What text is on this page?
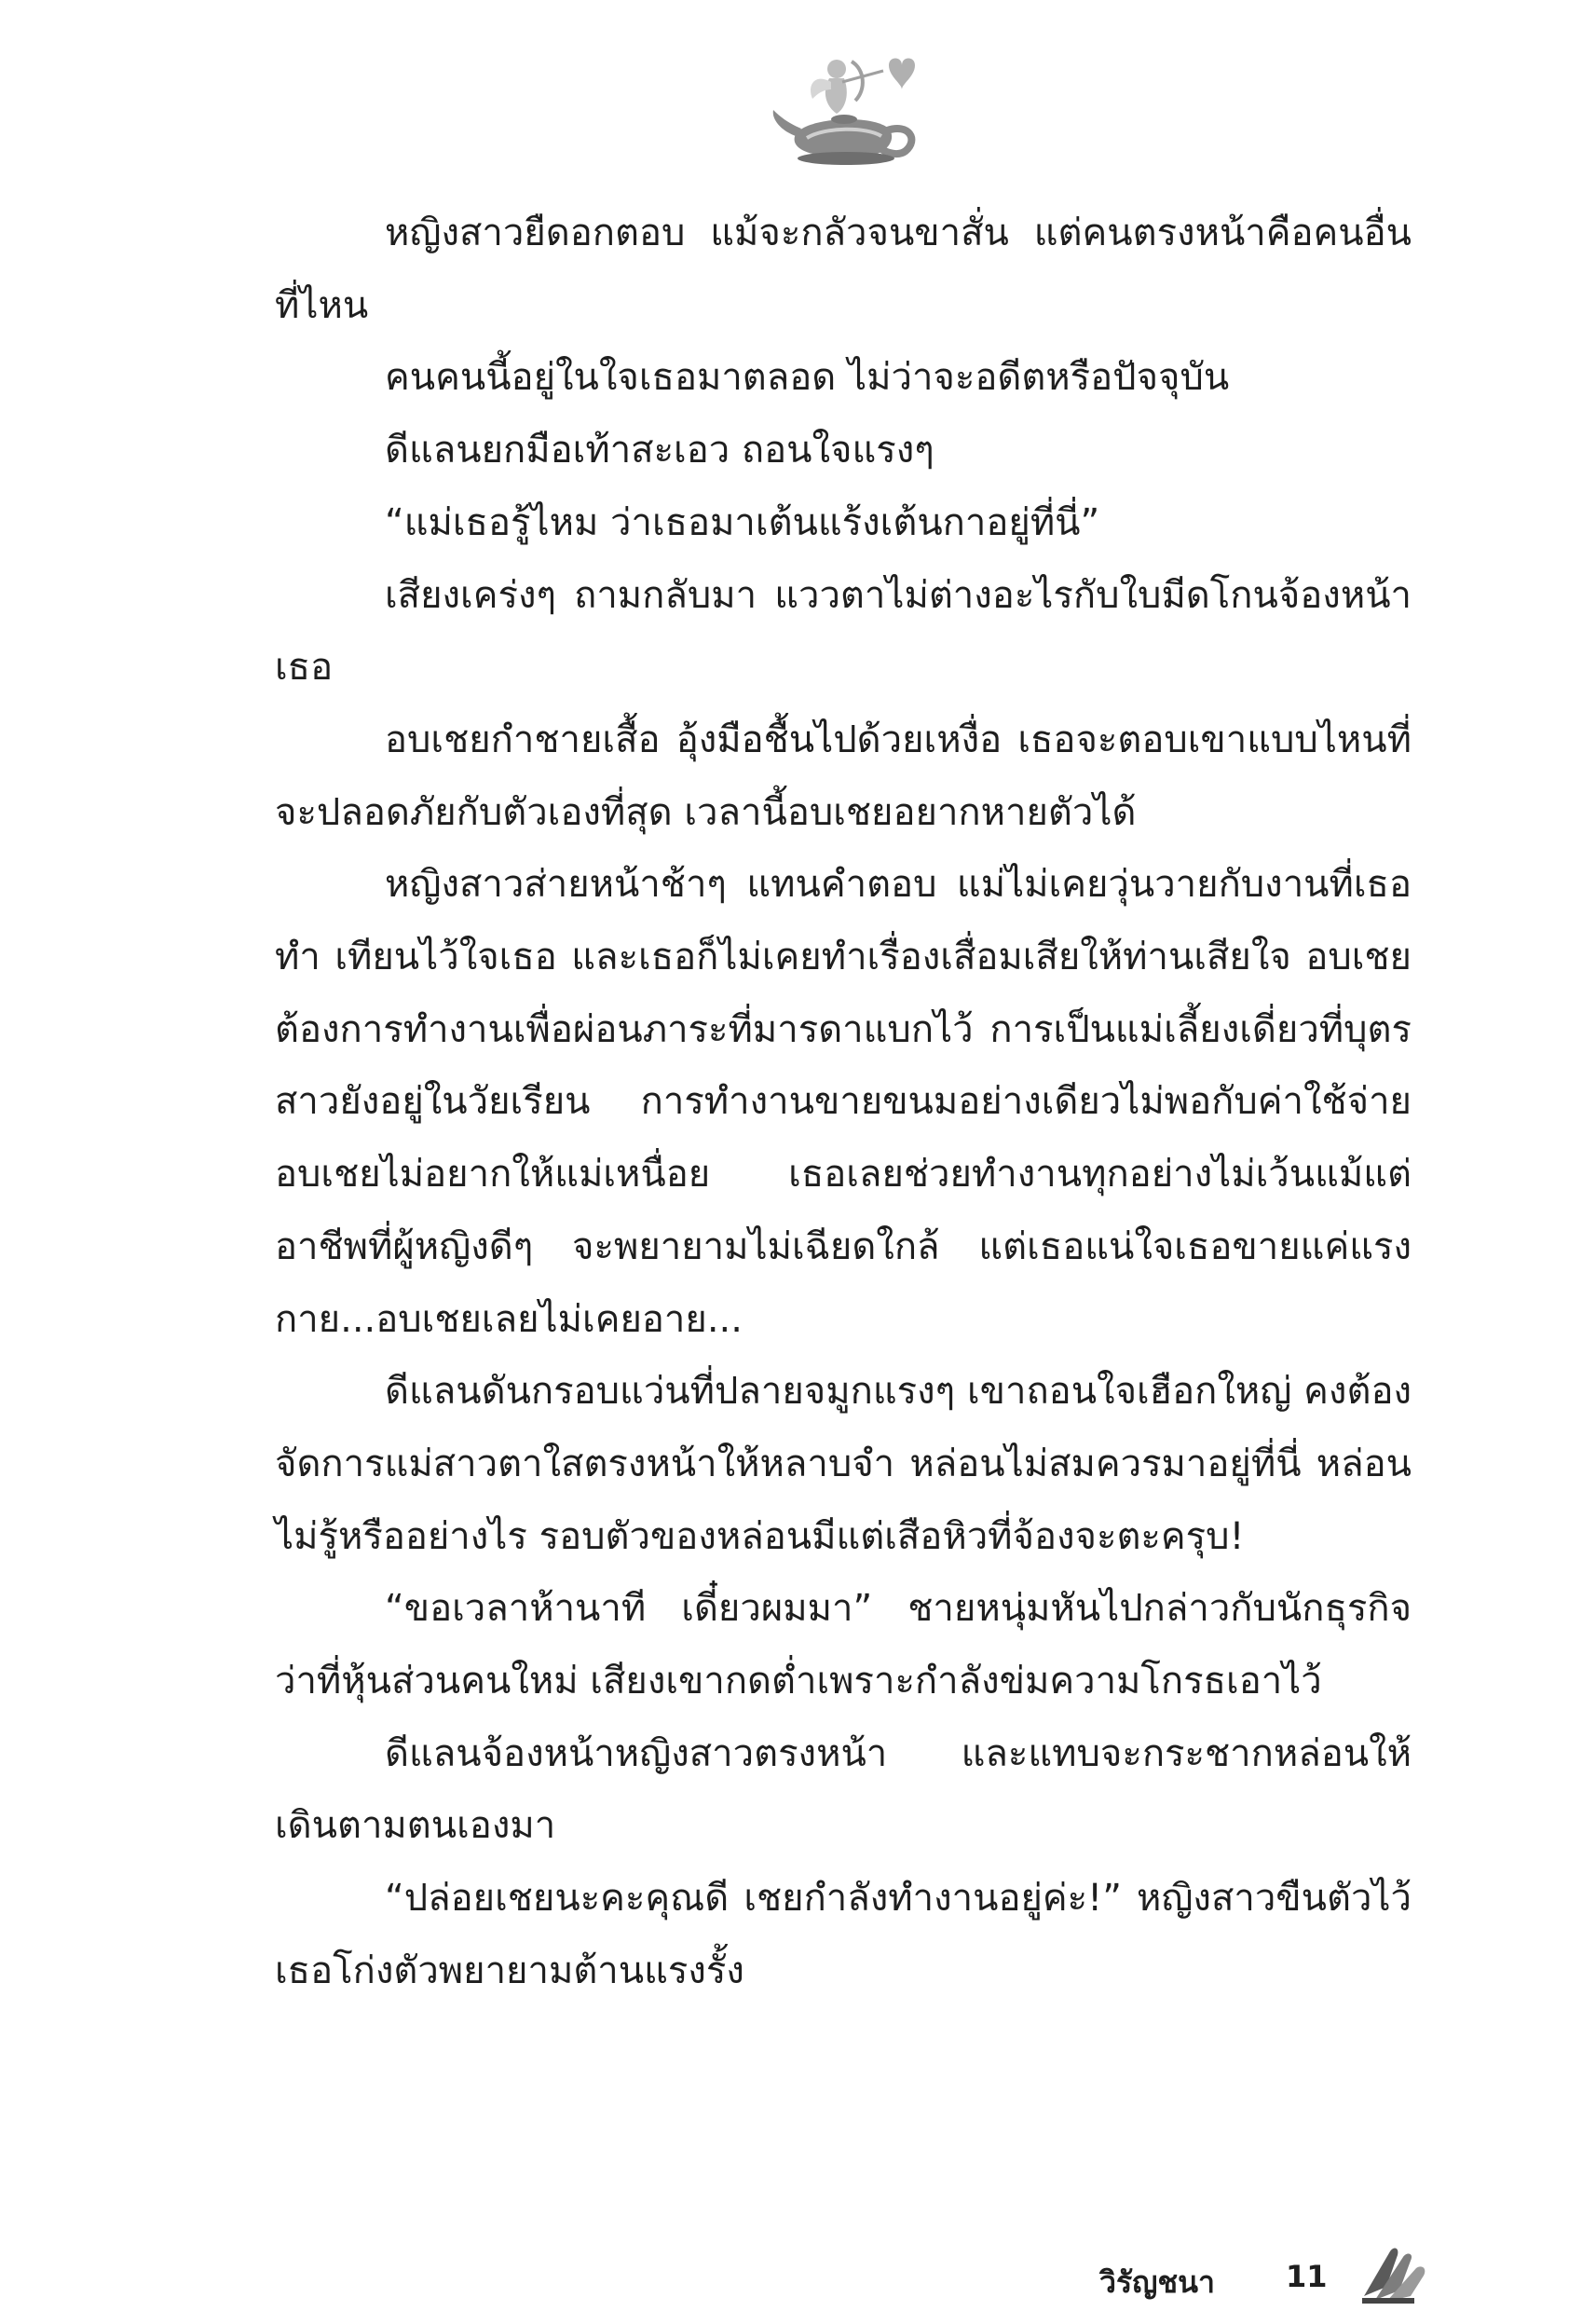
หญิงสาวยืดอกตอบ แม้จะกลัวจนขาสั่น แต่คนตรงหน้าคือคนอื่นที่ไหน

คนคนนี้อยู่ในใจเธอมาตลอด ไม่ว่าจะอดีตหรือปัจจุบัน

ดีแลนยกมือเท้าสะเอว ถอนใจแรงๆ

“แม่เธอรู้ไหม ว่าเธอมาเต้นแร้งเต้นกาอยู่ที่นี่”

เสียงเคร่งๆ ถามกลับมา แววตาไม่ต่างอะไรกับใบมีดโกนจ้องหน้าเธอ

อบเชยกำชายเสื้อ อุ้งมือชื้นไปด้วยเหงื่อ เธอจะตอบเขาแบบไหนที่จะปลอดภัยกับตัวเองที่สุด เวลานี้อบเชยอยากหายตัวได้

หญิงสาวส่ายหน้าช้าๆ แทนคำตอบ แม่ไม่เคยวุ่นวายกับงานที่เธอทำ เทียนไว้ใจเธอ และเธอก็ไม่เคยทำเรื่องเสื่อมเสียให้ท่านเสียใจ อบเชยต้องการทำงานเพื่อผ่อนภาระที่มารดาแบกไว้ การเป็นแม่เลี้ยงเดี่ยวที่บุตรสาวยังอยู่ในวัยเรียน การทำงานขายขนมอย่างเดียวไม่พอกับค่าใช้จ่าย อบเชยไม่อยากให้แม่เหนื่อย เธอเลยช่วยทำงานทุกอย่างไม่เว้นแม้แต่อาชีพที่ผู้หญิงดีๆ จะพยายามไม่เฉียดใกล้ แต่เธอแน่ใจเธอขายแค่แรงกาย...อบเชยเลยไม่เคยอาย...

ดีแลนดันกรอบแว่นที่ปลายจมูกแรงๆ เขาถอนใจเฮือกใหญ่ คงต้องจัดการแม่สาวตาใสตรงหน้าให้หลาบจำ หล่อนไม่สมควรมาอยู่ที่นี่ หล่อนไม่รู้หรืออย่างไร รอบตัวของหล่อนมีแต่เสือหิวที่จ้องจะตะครุบ!

“ขอเวลาห้านาที เดี๋ยวผมมา” ชายหนุ่มหันไปกล่าวกับนักธุรกิจว่าที่หุ้นส่วนคนใหม่ เสียงเขากดต่ำเพราะกำลังข่มความโกรธเอาไว้

ดีแลนจ้องหน้าหญิงสาวตรงหน้า และแทบจะกระชากหล่อนให้เดินตามตนเองมา

“ปล่อยเชยนะคะคุณดี เชยกำลังทำงานอยู่ค่ะ!” หญิงสาวขืนตัวไว้ เธอโก่งตัวพยายามต้านแรงรั้ง

วิรัญชนา 11
